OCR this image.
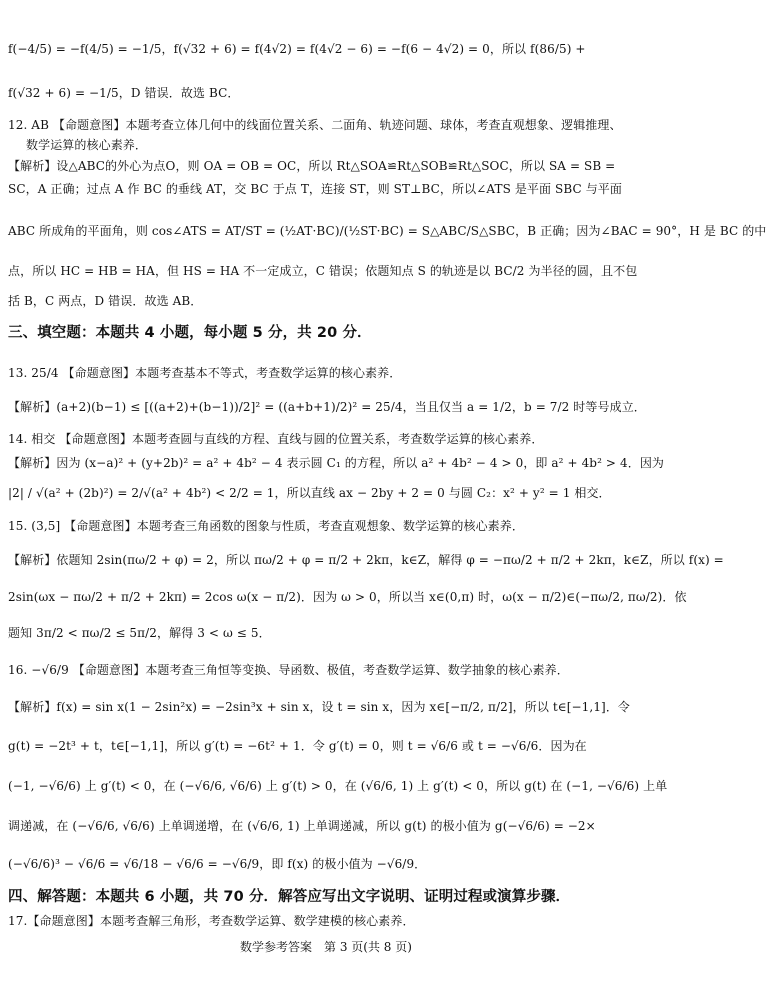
f(−4/5) = −f(4/5) = −1/5，f(√32 + 6) = f(4√2) = f(4√2 − 6) = −f(6 − 4√2) = 0，所以 f(86/5) +
f(√32 + 6) = −1/5，D 错误．故选 BC．
12. AB 【命题意图】本题考查立体几何中的线面位置关系、二面角、轨迹问题、球体，考查直观想象、逻辑推理、
数学运算的核心素养．
【解析】设△ABC的外心为点O，则 OA = OB = OC，所以 Rt△SOA≌Rt△SOB≌Rt△SOC，所以 SA = SB =
SC，A 正确；过点 A 作 BC 的垂线 AT，交 BC 于点 T，连接 ST，则 ST⊥BC，所以∠ATS 是平面 SBC 与平面
ABC 所成角的平面角，则 cos∠ATS = AT/ST = (½AT·BC)/(½ST·BC) = S△ABC/S△SBC，B 正确；因为∠BAC = 90°，H 是 BC 的中
点，所以 HC = HB = HA，但 HS = HA 不一定成立，C 错误；依题知点 S 的轨迹是以 BC/2 为半径的圆，且不包
括 B，C 两点，D 错误．故选 AB．
三、填空题：本题共 4 小题，每小题 5 分，共 20 分．
13. 25/4 【命题意图】本题考查基本不等式，考查数学运算的核心素养．
【解析】(a+2)(b−1) ≤ [((a+2)+(b−1))/2]² = ((a+b+1)/2)² = 25/4，当且仅当 a = 1/2，b = 7/2 时等号成立．
14. 相交 【命题意图】本题考查圆与直线的方程、直线与圆的位置关系，考查数学运算的核心素养．
【解析】因为 (x−a)² + (y+2b)² = a² + 4b² − 4 表示圆 C₁ 的方程，所以 a² + 4b² − 4 > 0，即 a² + 4b² > 4．因为
|2| / √(a² + (2b)²) = 2/√(a² + 4b²) < 2/2 = 1，所以直线 ax − 2by + 2 = 0 与圆 C₂：x² + y² = 1 相交．
15. (3,5] 【命题意图】本题考查三角函数的图象与性质，考查直观想象、数学运算的核心素养．
【解析】依题知 2sin(πω/2 + φ) = 2，所以 πω/2 + φ = π/2 + 2kπ，k∈Z，解得 φ = −πω/2 + π/2 + 2kπ，k∈Z，所以 f(x) =
2sin(ωx − πω/2 + π/2 + 2kπ) = 2cos ω(x − π/2)．因为 ω > 0，所以当 x∈(0,π) 时，ω(x − π/2)∈(−πω/2, πω/2)．依
题知 3π/2 < πω/2 ≤ 5π/2，解得 3 < ω ≤ 5．
16. −√6/9 【命题意图】本题考查三角恒等变换、导函数、极值，考查数学运算、数学抽象的核心素养．
【解析】f(x) = sin x(1 − 2sin²x) = −2sin³x + sin x，设 t = sin x，因为 x∈[−π/2, π/2]，所以 t∈[−1,1]．令
g(t) = −2t³ + t，t∈[−1,1]，所以 g′(t) = −6t² + 1．令 g′(t) = 0，则 t = √6/6 或 t = −√6/6．因为在
(−1, −√6/6) 上 g′(t) < 0，在 (−√6/6, √6/6) 上 g′(t) > 0，在 (√6/6, 1) 上 g′(t) < 0，所以 g(t) 在 (−1, −√6/6) 上单
调递减，在 (−√6/6, √6/6) 上单调递增，在 (√6/6, 1) 上单调递减，所以 g(t) 的极小值为 g(−√6/6) = −2×
(−√6/6)³ − √6/6 = √6/18 − √6/6 = −√6/9，即 f(x) 的极小值为 −√6/9．
四、解答题：本题共 6 小题，共 70 分．解答应写出文字说明、证明过程或演算步骤．
17.【命题意图】本题考查解三角形，考查数学运算、数学建模的核心素养．
数学参考答案　第 3 页(共 8 页)
